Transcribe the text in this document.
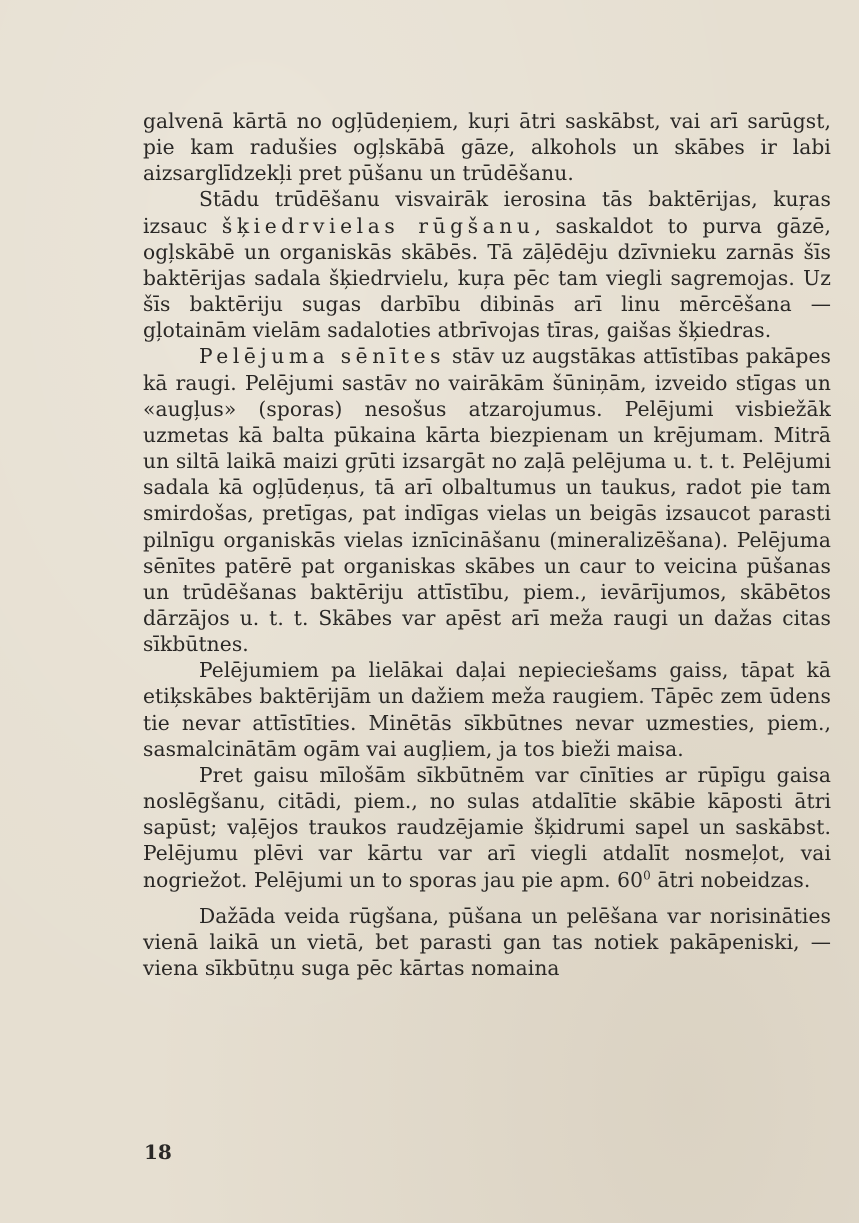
galvenā kārtā no ogļūdeņiem, kuŗi ātri saskābst, vai arī sarūgst, pie kam radušies ogļskābā gāze, alkohols un skābes ir labi aizsarglīdzekļi pret pūšanu un trūdēšanu.

Stādu trūdēšanu visvairāk ierosina tās baktērijas, kuŗas izsauc šķiedrvielas rūgšanu, saskaldot to purva gāzē, ogļskābē un organiskās skābēs. Tā zāļēdēju dzīvnieku zarnās šīs baktērijas sadala šķiedrvielu, kuŗa pēc tam viegli sagremojas. Uz šīs baktēriju sugas darbību dibinās arī linu mērcēšana — gļotainām vielām sadaloties atbrīvojas tīras, gaišas šķiedras.

Pelējuma sēnītes stāv uz augstākas attīstības pakāpes kā raugi. Pelējumi sastāv no vairākām šūniņām, izveido stīgas un «augļus» (sporas) nesošus atzarojumus. Pelējumi visbiežāk uzmetas kā balta pūkaina kārta biezpienam un krējumam. Mitrā un siltā laikā maizi gŗūti izsargāt no zaļā pelējuma u. t. t. Pelējumi sadala kā ogļūdeņus, tā arī olbaltumus un taukus, radot pie tam smirdošas, pretīgas, pat indīgas vielas un beigās izsaucot parasti pilnīgu organiskās vielas iznīcināšanu (mineralizēšana). Pelējuma sēnītes patērē pat organiskas skābes un caur to veicina pūšanas un trūdēšanas baktēriju attīstību, piem., ievārījumos, skābētos dārzājos u. t. t. Skābes var apēst arī meža raugi un dažas citas sīkbūtnes.

Pelējumiem pa lielākai daļai nepieciešams gaiss, tāpat kā etiķskābes baktērijām un dažiem meža raugiem. Tāpēc zem ūdens tie nevar attīstīties. Minētās sīkbūtnes nevar uzmesties, piem., sasmalcinātām ogām vai augļiem, ja tos bieži maisa.

Pret gaisu mīlošām sīkbūtnēm var cīnīties ar rūpīgu gaisa noslēgšanu, citādi, piem., no sulas atdalītie skābie kāposti ātri sapūst; vaļējos traukos raudzējamie šķidrumi sapel un saskābst. Pelējumu plēvi var kārtu var arī viegli atdalīt nosmeļot, vai nogriežot. Pelējumi un to sporas jau pie apm. $60^0$ ātri nobeidzas.

Dažāda veida rūgšana, pūšana un pelēšana var norisināties vienā laikā un vietā, bet parasti gan tas notiek pakāpeniski, — viena sīkbūtņu suga pēc kārtas nomaina

18
